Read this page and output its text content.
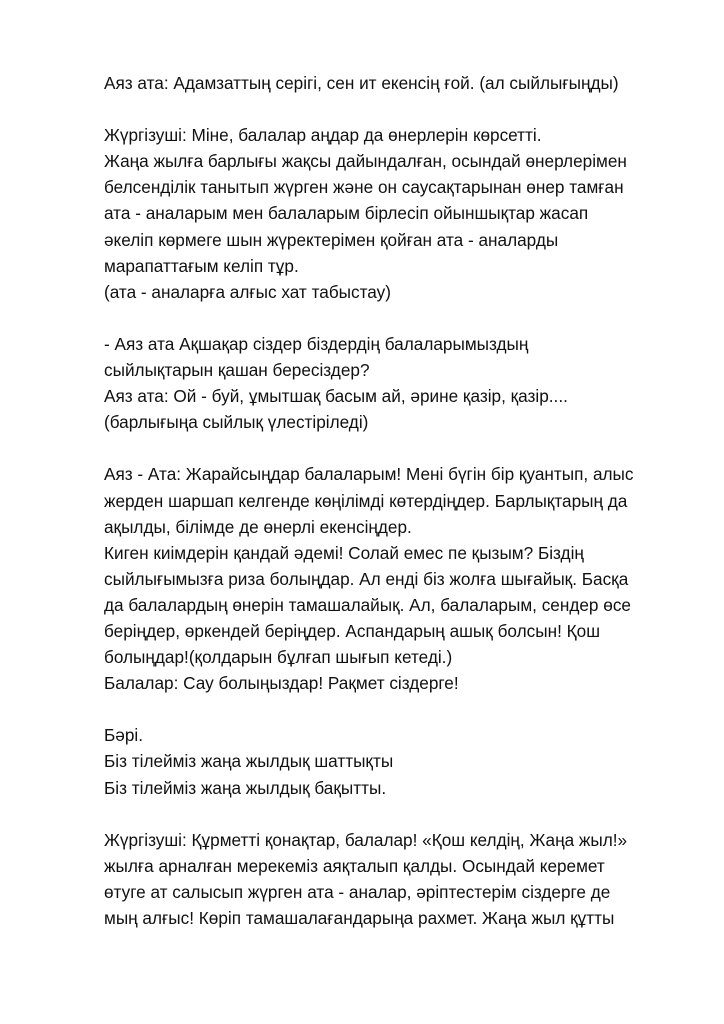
Аяз ата: Адамзаттың серігі, сен ит екенсің ғой. (ал сыйлығыңды)
Жүргізуші: Міне, балалар аңдар да өнерлерін көрсетті.
Жаңа жылға барлығы жақсы дайындалған, осындай өнерлерімен
белсенділік танытып жүрген және он саусақтарынан өнер тамған
ата - аналарым мен балаларым бірлесіп ойыншықтар жасап
әкеліп көрмеге шын жүректерімен қойған ата - аналарды
марапаттағым келіп тұр.
(ата - аналарға алғыс хат табыстау)
- Аяз ата Ақшақар сіздер біздердің балаларымыздың
сыйлықтарын қашан бересіздер?
Аяз ата: Ой - буй, ұмытшақ басым ай, әрине қазір, қазір....
(барлығыңа сыйлық үлестіріледі)
Аяз - Ата: Жарайсыңдар балаларым! Мені бүгін бір қуантып, алыс
жерден шаршап келгенде көңілімді көтердіңдер. Барлықтарың да
ақылды, білімде де өнерлі екенсіңдер.
Киген киімдерін қандай әдемі! Солай емес пе қызым? Біздің
сыйлығымызға риза болыңдар. Ал енді біз жолға шығайық. Басқа
да балалардың өнерін тамашалайық. Ал, балаларым, сендер өсе
беріңдер, өркендей беріңдер. Аспандарың ашық болсын! Қош
болыңдар!(қолдарын бұлғап шығып кетеді.)
Балалар: Сау болыңыздар! Рақмет сіздерге!
Бәрі.
Біз тілейміз жаңа жылдық шаттықты
Біз тілейміз жаңа жылдық бақытты.
Жүргізуші: Құрметті қонақтар, балалар! «Қош келдің, Жаңа жыл!»
жылға арналған мерекеміз аяқталып қалды. Осындай керемет
өтуге ат салысып жүрген ата - аналар, әріптестерім сіздерге де
мың алғыс! Көріп тамашалағандарыңа рахмет. Жаңа жыл құтты
